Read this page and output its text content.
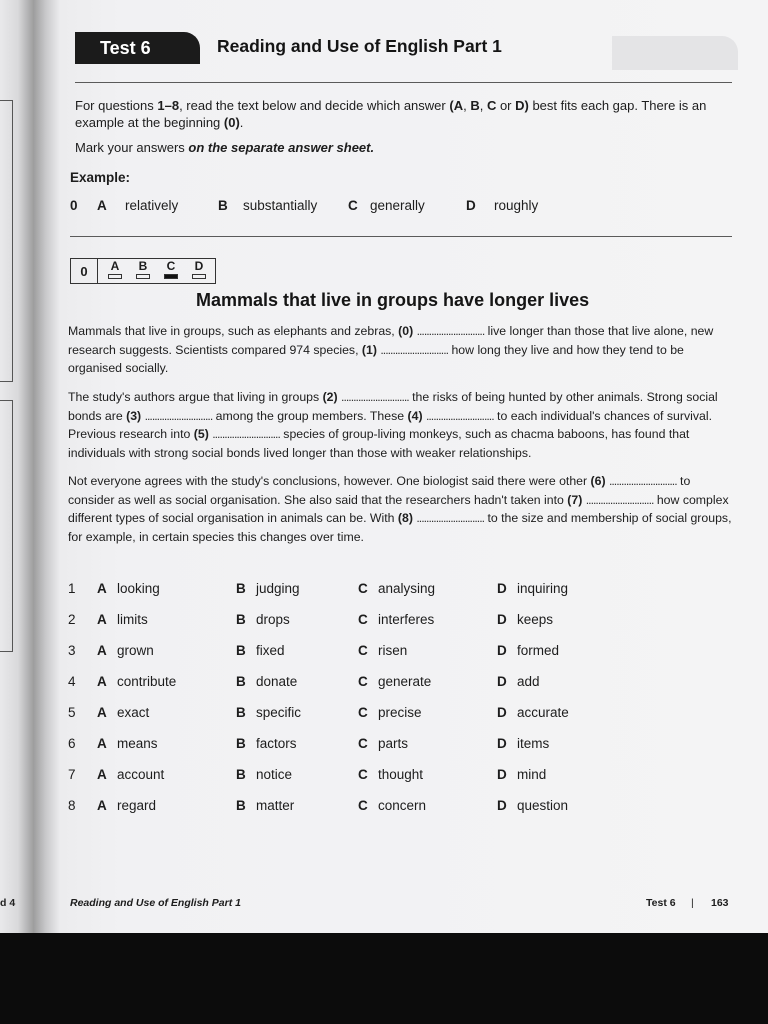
Test 6	Reading and Use of English Part 1
For questions 1–8, read the text below and decide which answer (A, B, C or D) best fits each gap. There is an example at the beginning (0).
Mark your answers on the separate answer sheet.
Example:
0 A relatively	B substantially C generally	D roughly
0	A	B	C	D
Mammals that live in groups have longer lives
Mammals that live in groups, such as elephants and zebras, (0) ............................ live longer than those that live alone, new research suggests. Scientists compared 974 species, (1) ............................ how long they live and how they tend to be organised socially.
The study's authors argue that living in groups (2) ............................ the risks of being hunted by other animals. Strong social bonds are (3) ............................ among the group members. These (4) ............................ to each individual's chances of survival. Previous research into (5) ............................ species of group-living monkeys, such as chacma baboons, has found that individuals with strong social bonds lived longer than those with weaker relationships.
Not everyone agrees with the study's conclusions, however. One biologist said there were other (6) ............................ to consider as well as social organisation. She also said that the researchers hadn't taken into (7) ............................ how complex different types of social organisation in animals can be. With (8) ............................ to the size and membership of social groups, for example, in certain species this changes over time.
1 A looking	B judging	C analysing	D inquiring
2 A limits	B drops	C interferes	D keeps
3 A grown	B fixed	C risen	D formed
4 A contribute	B donate	C generate	D add
5 A exact	B specific	C precise	D accurate
6 A means	B factors	C parts	D items
7 A account	B notice	C thought	D mind
8 A regard	B matter	C concern	D question
d 4	Reading and Use of English Part 1	Test 6 | 163
